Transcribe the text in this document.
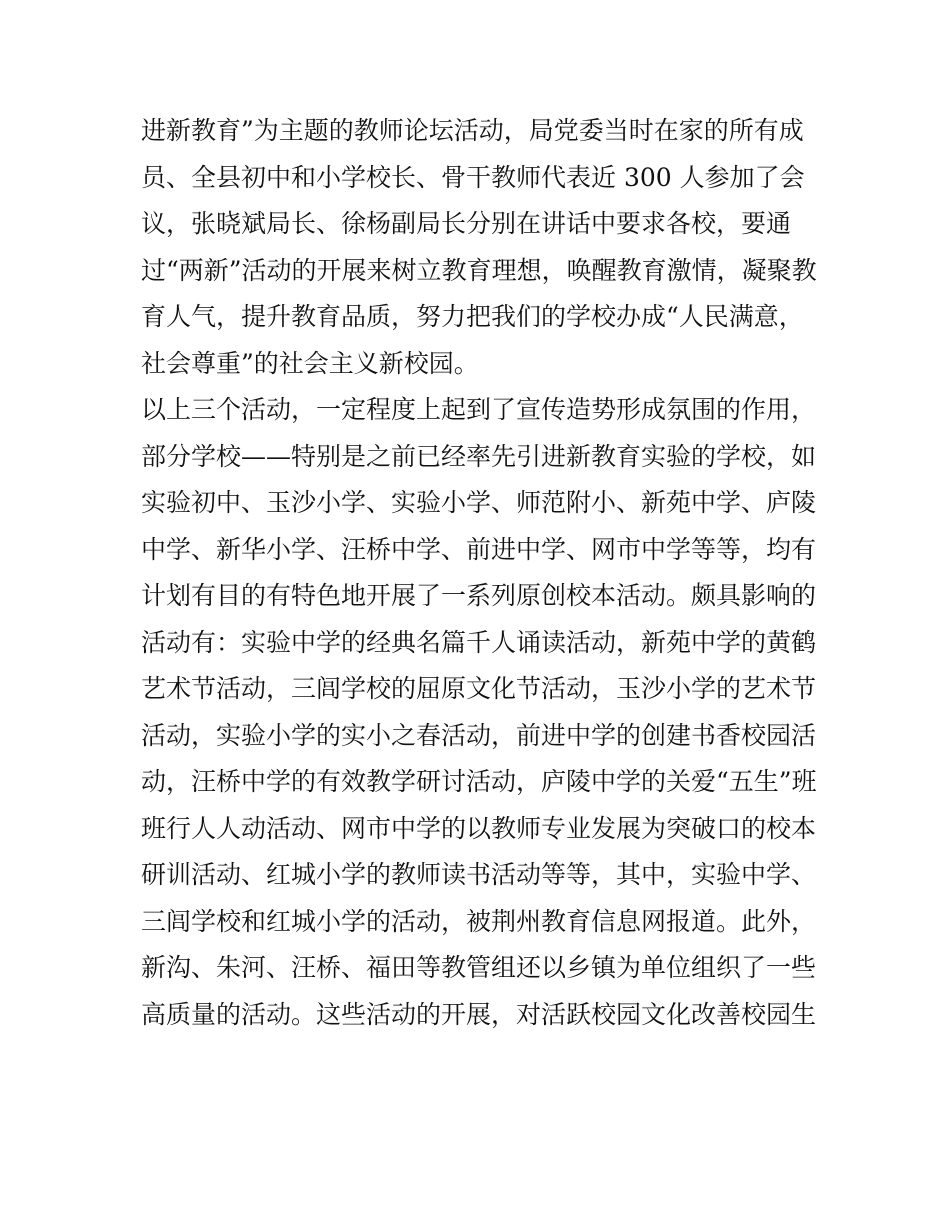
进新教育”为主题的教师论坛活动，局党委当时在家的所有成
员、全县初中和小学校长、骨干教师代表近 300 人参加了会
议，张晓斌局长、徐杨副局长分别在讲话中要求各校，要通
过“两新”活动的开展来树立教育理想，唤醒教育激情，凝聚教
育人气，提升教育品质，努力把我们的学校办成“人民满意，
社会尊重”的社会主义新校园。
以上三个活动，一定程度上起到了宣传造势形成氛围的作用，
部分学校——特别是之前已经率先引进新教育实验的学校，如
实验初中、玉沙小学、实验小学、师范附小、新苑中学、庐陵
中学、新华小学、汪桥中学、前进中学、网市中学等等，均有
计划有目的有特色地开展了一系列原创校本活动。颇具影响的
活动有：实验中学的经典名篇千人诵读活动，新苑中学的黄鹤
艺术节活动，三闾学校的屈原文化节活动，玉沙小学的艺术节
活动，实验小学的实小之春活动，前进中学的创建书香校园活
动，汪桥中学的有效教学研讨活动，庐陵中学的关爱“五生”班
班行人人动活动、网市中学的以教师专业发展为突破口的校本
研训活动、红城小学的教师读书活动等等，其中，实验中学、
三闾学校和红城小学的活动，被荆州教育信息网报道。此外，
新沟、朱河、汪桥、福田等教管组还以乡镇为单位组织了一些
高质量的活动。这些活动的开展，对活跃校园文化改善校园生
